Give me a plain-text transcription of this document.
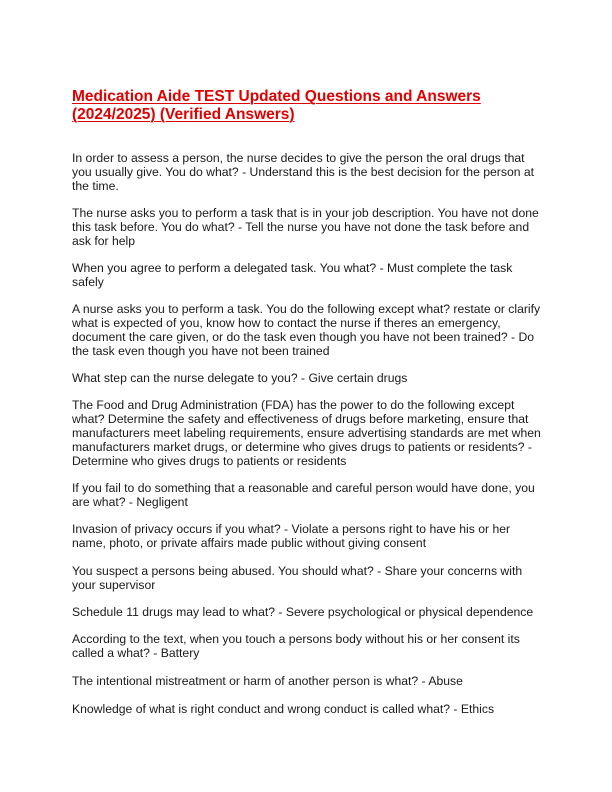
Medication Aide TEST Updated Questions and Answers
(2024/2025) (Verified Answers)
In order to assess a person, the nurse decides to give the person the oral drugs that
you usually give. You do what? - Understand this is the best decision for the person at
the time.
The nurse asks you to perform a task that is in your job description. You have not done
this task before. You do what? - Tell the nurse you have not done the task before and
ask for help
When you agree to perform a delegated task. You what? - Must complete the task
safely
A nurse asks you to perform a task. You do the following except what? restate or clarify
what is expected of you, know how to contact the nurse if theres an emergency,
document the care given, or do the task even though you have not been trained? - Do
the task even though you have not been trained
What step can the nurse delegate to you? - Give certain drugs
The Food and Drug Administration (FDA) has the power to do the following except
what? Determine the safety and effectiveness of drugs before marketing, ensure that
manufacturers meet labeling requirements, ensure advertising standards are met when
manufacturers market drugs, or determine who gives drugs to patients or residents? -
Determine who gives drugs to patients or residents
If you fail to do something that a reasonable and careful person would have done, you
are what? - Negligent
Invasion of privacy occurs if you what? - Violate a persons right to have his or her
name, photo, or private affairs made public without giving consent
You suspect a persons being abused. You should what? - Share your concerns with
your supervisor
Schedule 11 drugs may lead to what? - Severe psychological or physical dependence
According to the text, when you touch a persons body without his or her consent its
called a what? - Battery
The intentional mistreatment or harm of another person is what? - Abuse
Knowledge of what is right conduct and wrong conduct is called what? - Ethics
